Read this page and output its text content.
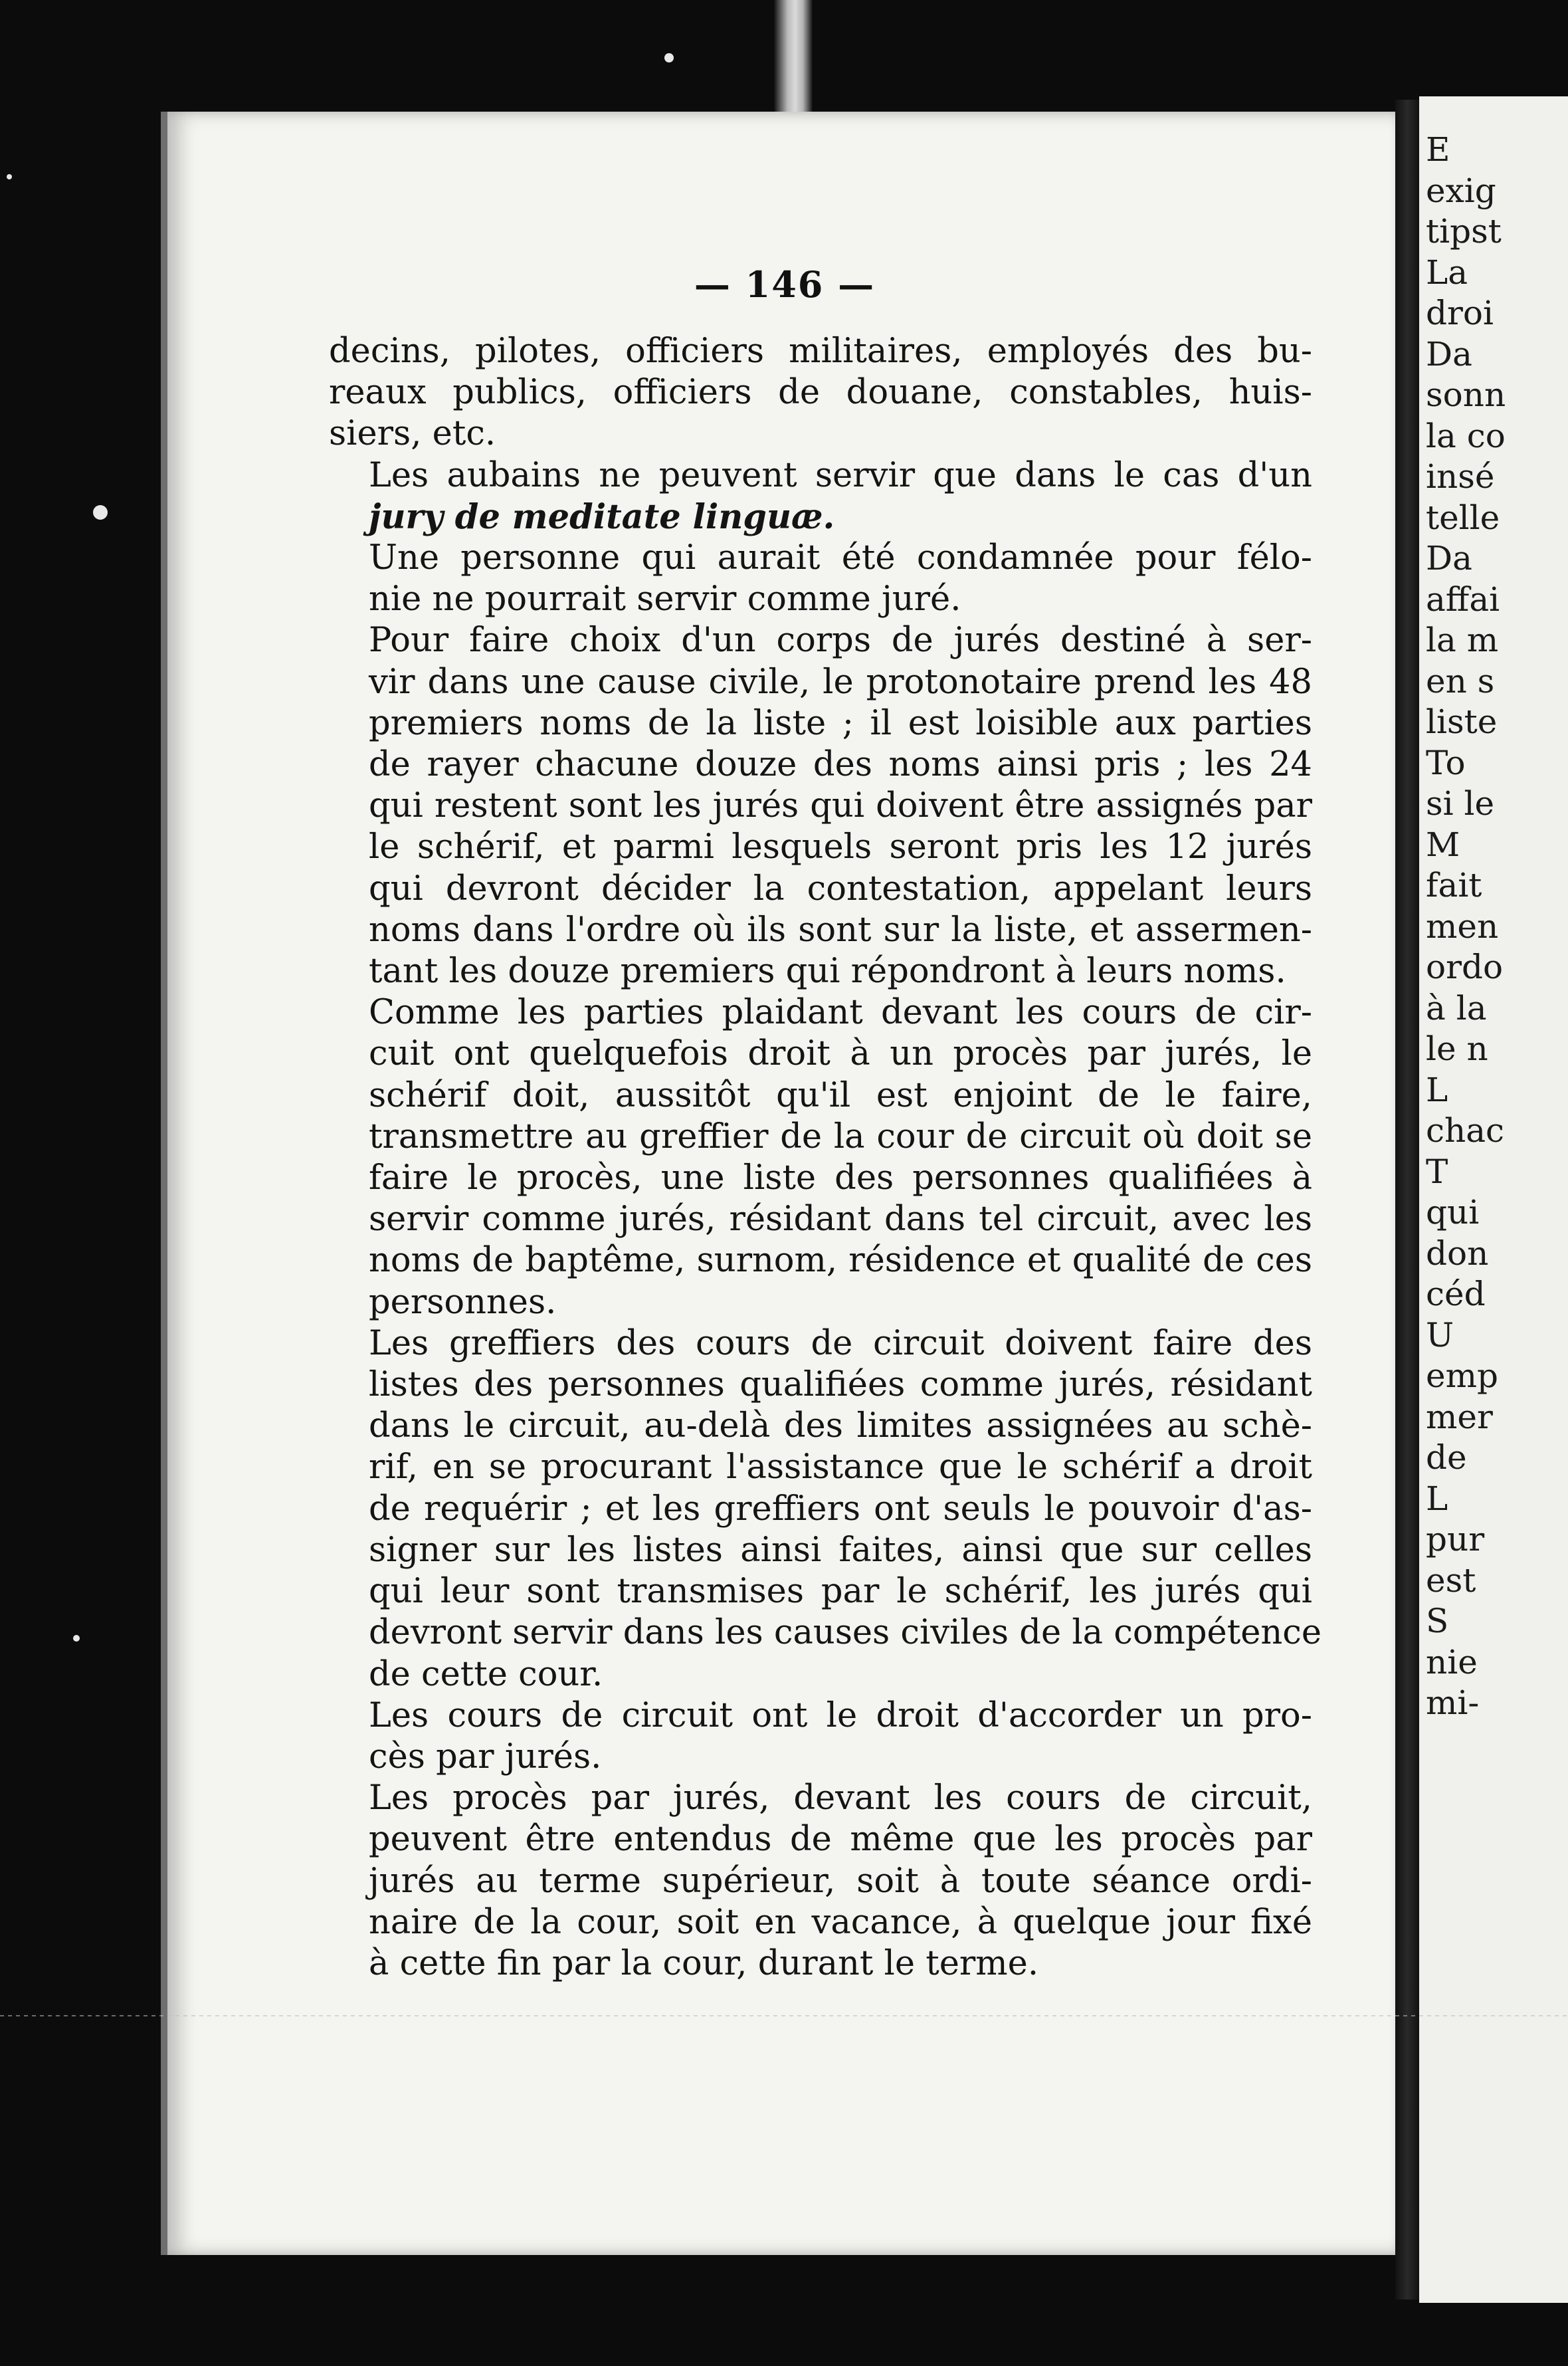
— 146 —
decins, pilotes, officiers militaires, employés des bu-
reaux publics, officiers de douane, constables, huis-
siers, etc.
Les aubains ne peuvent servir que dans le cas d'un
jury de meditate linguæ.
Une personne qui aurait été condamnée pour félo-
nie ne pourrait servir comme juré.
Pour faire choix d'un corps de jurés destiné à ser-
vir dans une cause civile, le protonotaire prend les 48
premiers noms de la liste ; il est loisible aux parties
de rayer chacune douze des noms ainsi pris ; les 24
qui restent sont les jurés qui doivent être assignés par
le schérif, et parmi lesquels seront pris les 12 jurés
qui devront décider la contestation, appelant leurs
noms dans l'ordre où ils sont sur la liste, et assermen-
tant les douze premiers qui répondront à leurs noms.
Comme les parties plaidant devant les cours de cir-
cuit ont quelquefois droit à un procès par jurés, le
schérif doit, aussitôt qu'il est enjoint de le faire,
transmettre au greffier de la cour de circuit où doit se
faire le procès, une liste des personnes qualifiées à
servir comme jurés, résidant dans tel circuit, avec les
noms de baptême, surnom, résidence et qualité de ces
personnes.
Les greffiers des cours de circuit doivent faire des
listes des personnes qualifiées comme jurés, résidant
dans le circuit, au-delà des limites assignées au schè-
rif, en se procurant l'assistance que le schérif a droit
de requérir ; et les greffiers ont seuls le pouvoir d'as-
signer sur les listes ainsi faites, ainsi que sur celles
qui leur sont transmises par le schérif, les jurés qui
devront servir dans les causes civiles de la compétence
de cette cour.
Les cours de circuit ont le droit d'accorder un pro-
cès par jurés.
Les procès par jurés, devant les cours de circuit,
peuvent être entendus de même que les procès par
jurés au terme supérieur, soit à toute séance ordi-
naire de la cour, soit en vacance, à quelque jour fixé
à cette fin par la cour, durant le terme.
E
exig
tipst
La
droi
Da
sonn
la co
insé
telle
Da
affai
la m
en s
liste
To
si le
M
fait
men
ordo
à la
le n
L
chac
T
qui
don
céd
U
emp
mer
de
L
pur
est
S
nie
mi-
